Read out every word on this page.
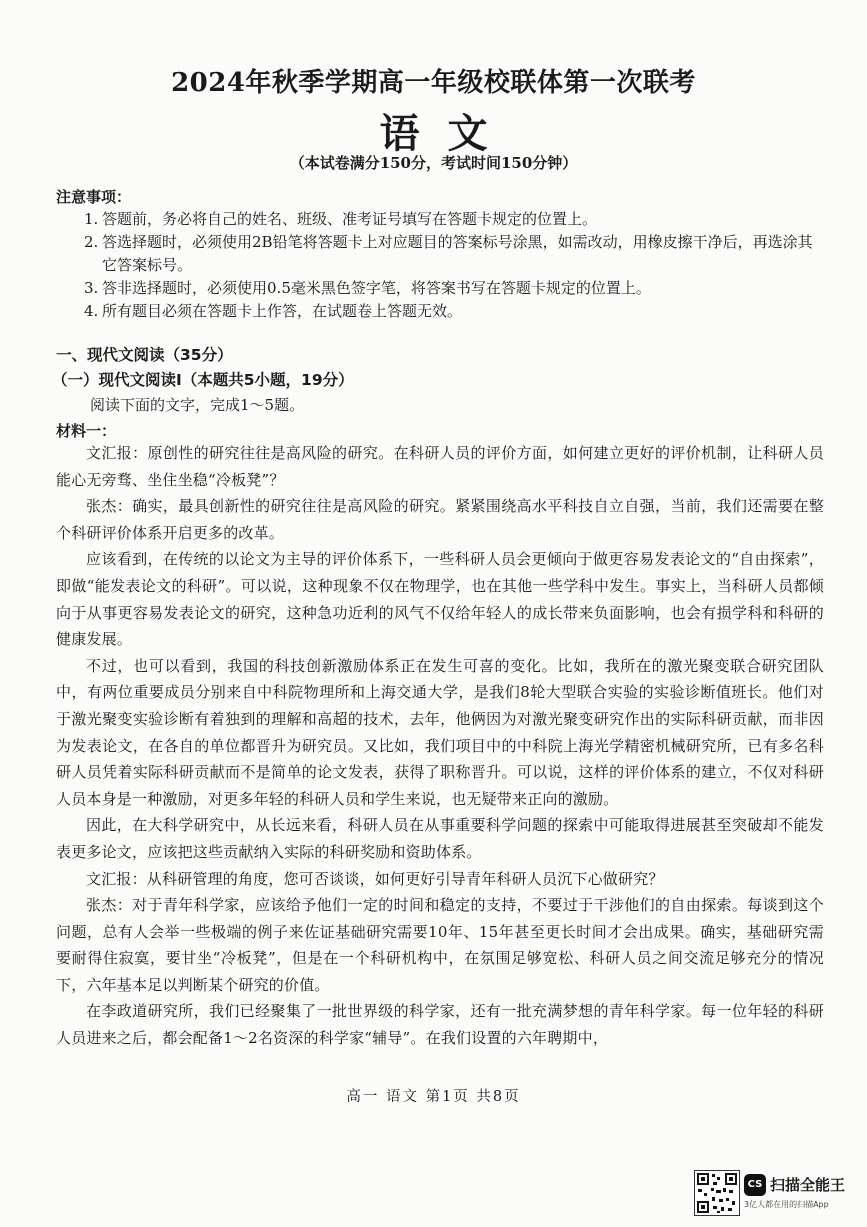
2024年秋季学期高一年级校联体第一次联考
语文
（本试卷满分150分，考试时间150分钟）
注意事项：

1. 答题前，务必将自己的姓名、班级、准考证号填写在答题卡规定的位置上。

2. 答选择题时，必须使用2B铅笔将答题卡上对应题目的答案标号涂黑，如需改动，用橡皮擦干净后，再选涂其它答案标号。

3. 答非选择题时，必须使用0.5毫米黑色签字笔，将答案书写在答题卡规定的位置上。

4. 所有题目必须在答题卡上作答，在试题卷上答题无效。

一、现代文阅读（35分）
（一）现代文阅读Ⅰ（本题共5小题，19分）
阅读下面的文字，完成1～5题。
材料一：

文汇报：原创性的研究往往是高风险的研究。在科研人员的评价方面，如何建立更好的评价机制，让科研人员能心无旁骛、坐住坐稳“冷板凳”？

张杰：确实，最具创新性的研究往往是高风险的研究。紧紧围绕高水平科技自立自强，当前，我们还需要在整个科研评价体系开启更多的改革。

应该看到，在传统的以论文为主导的评价体系下，一些科研人员会更倾向于做更容易发表论文的“自由探索”，即做“能发表论文的科研”。可以说，这种现象不仅在物理学，也在其他一些学科中发生。事实上，当科研人员都倾向于从事更容易发表论文的研究，这种急功近利的风气不仅给年轻人的成长带来负面影响，也会有损学科和科研的健康发展。

不过，也可以看到，我国的科技创新激励体系正在发生可喜的变化。比如，我所在的激光聚变联合研究团队中，有两位重要成员分别来自中科院物理所和上海交通大学，是我们8轮大型联合实验的实验诊断值班长。他们对于激光聚变实验诊断有着独到的理解和高超的技术，去年，他俩因为对激光聚变研究作出的实际科研贡献，而非因为发表论文，在各自的单位都晋升为研究员。又比如，我们项目中的中科院上海光学精密机械研究所，已有多名科研人员凭着实际科研贡献而不是简单的论文发表，获得了职称晋升。可以说，这样的评价体系的建立，不仅对科研人员本身是一种激励，对更多年轻的科研人员和学生来说，也无疑带来正向的激励。

因此，在大科学研究中，从长远来看，科研人员在从事重要科学问题的探索中可能取得进展甚至突破却不能发表更多论文，应该把这些贡献纳入实际的科研奖励和资助体系。

文汇报：从科研管理的角度，您可否谈谈，如何更好引导青年科研人员沉下心做研究？

张杰：对于青年科学家，应该给予他们一定的时间和稳定的支持，不要过于干涉他们的自由探索。每谈到这个问题，总有人会举一些极端的例子来佐证基础研究需要10年、15年甚至更长时间才会出成果。确实，基础研究需要耐得住寂寞，要甘坐“冷板凳”，但是在一个科研机构中，在氛围足够宽松、科研人员之间交流足够充分的情况下，六年基本足以判断某个研究的价值。

在李政道研究所，我们已经聚集了一批世界级的科学家，还有一批充满梦想的青年科学家。每一位年轻的科研人员进来之后，都会配备1～2名资深的科学家“辅导”。在我们设置的六年聘期中，

高一 语文 第1页 共8页
CS 扫描全能王
3亿人都在用的扫描App
